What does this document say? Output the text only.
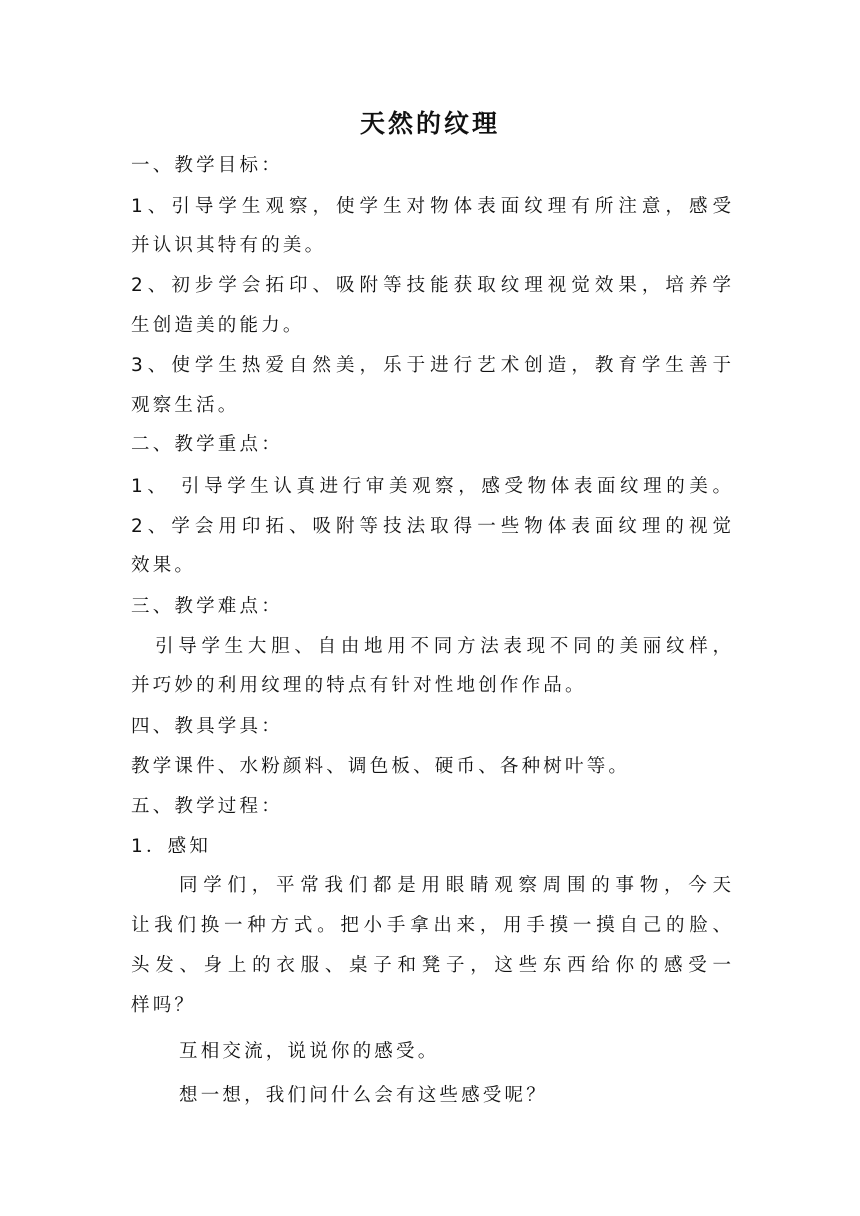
天然的纹理
一、教学目标：
1、引导学生观察，使学生对物体表面纹理有所注意，感受
并认识其特有的美。
2、初步学会拓印、吸附等技能获取纹理视觉效果，培养学
生创造美的能力。
3、使学生热爱自然美，乐于进行艺术创造，教育学生善于
观察生活。
二、教学重点：
1、 引导学生认真进行审美观察，感受物体表面纹理的美。
2、学会用印拓、吸附等技法取得一些物体表面纹理的视觉
效果。
三、教学难点：
引导学生大胆、自由地用不同方法表现不同的美丽纹样，
并巧妙的利用纹理的特点有针对性地创作作品。
四、教具学具：
教学课件、水粉颜料、调色板、硬币、各种树叶等。
五、教学过程：
1．感知
同学们，平常我们都是用眼睛观察周围的事物，今天
让我们换一种方式。把小手拿出来，用手摸一摸自己的脸、
头发、身上的衣服、桌子和凳子，这些东西给你的感受一
样吗？
互相交流，说说你的感受。
想一想，我们问什么会有这些感受呢？
